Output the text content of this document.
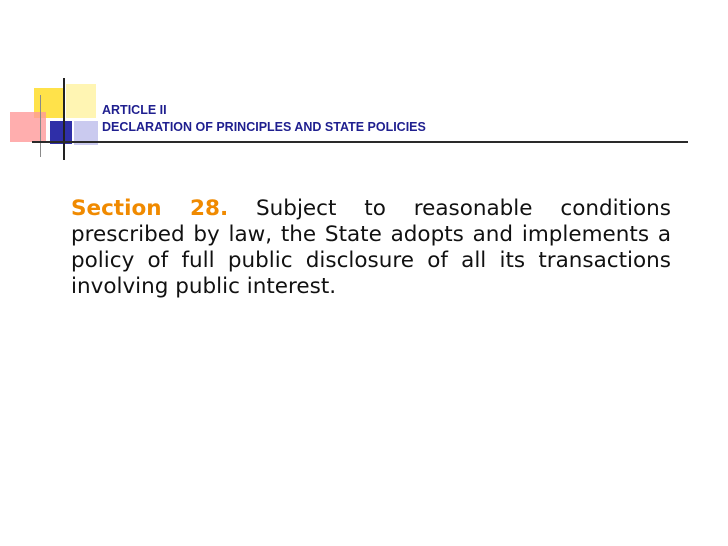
ARTICLE II
DECLARATION OF PRINCIPLES AND STATE POLICIES
Section 28. Subject to reasonable conditions prescribed by law, the State adopts and implements a policy of full public disclosure of all its transactions involving public interest.
